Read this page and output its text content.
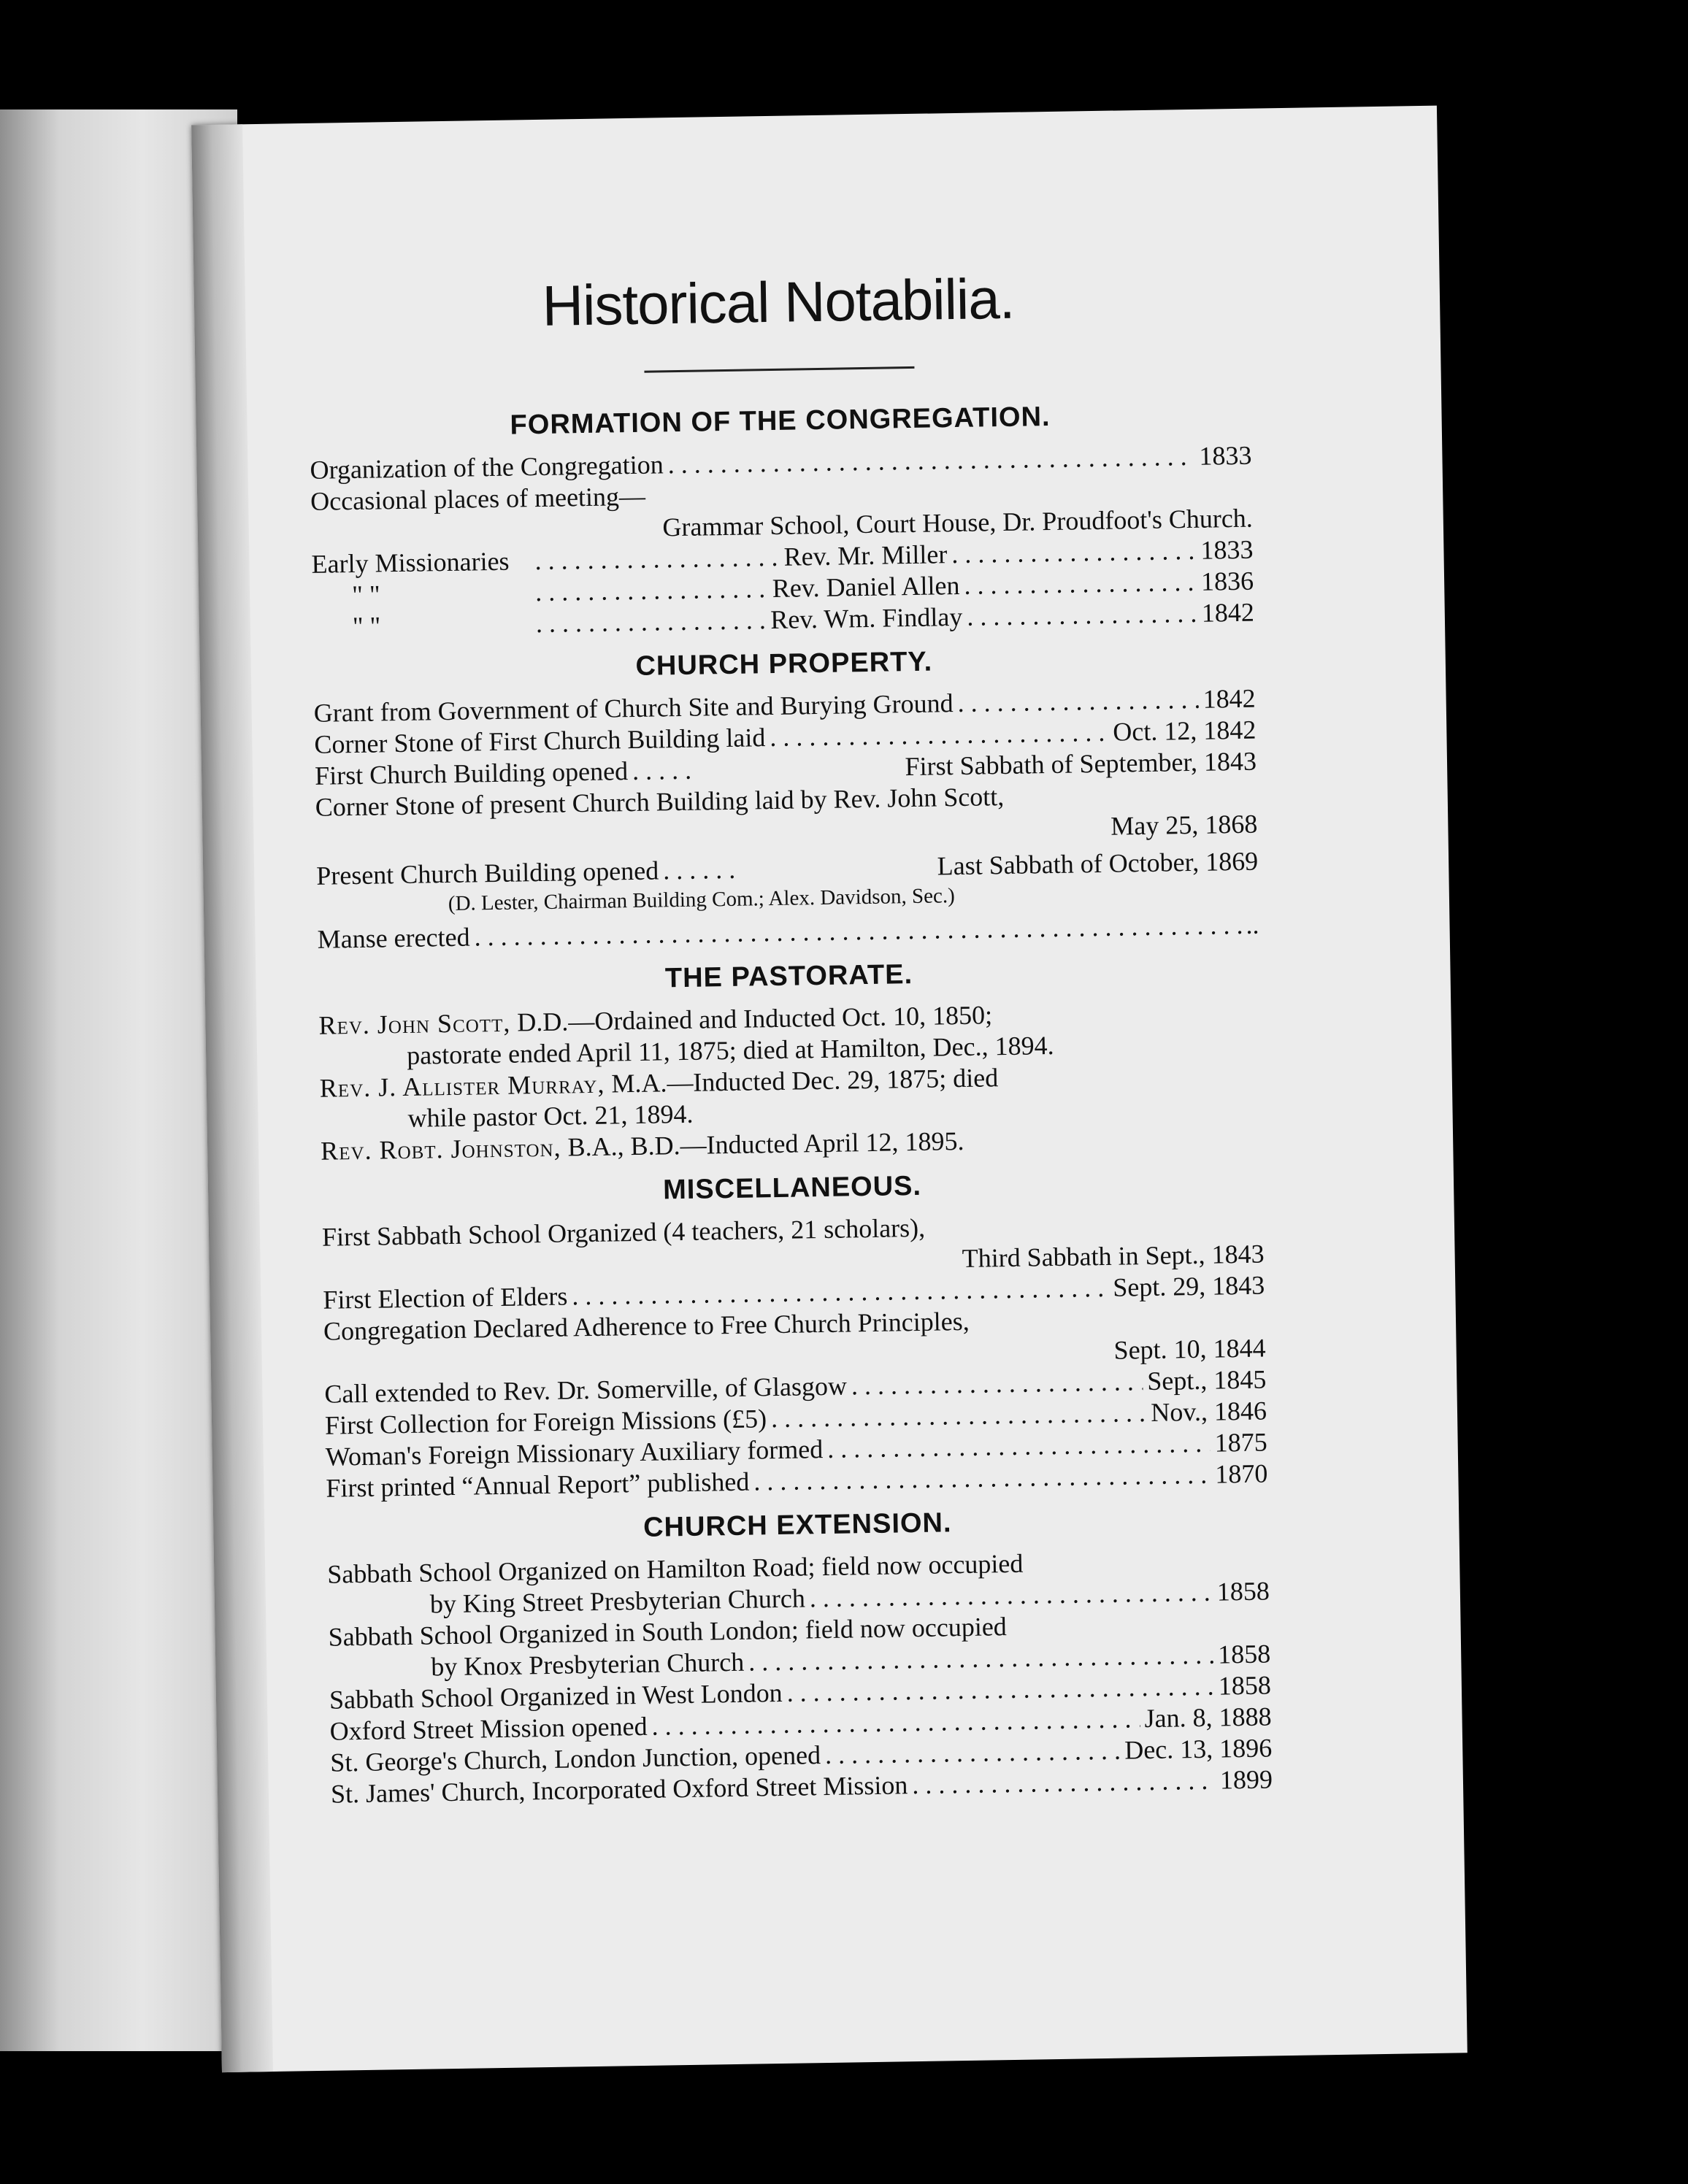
Historical Notabilia.
FORMATION OF THE CONGREGATION.
Organization of the Congregation . . .	1833
Occasional places of meeting—
Grammar School, Court House, Dr. Proudfoot's Church.
Early Missionaries . . .	Rev. Mr. Miller . . .	1833
" " . . .	Rev. Daniel Allen . . .	1836
" " . . .	Rev. Wm. Findlay . . .	1842
CHURCH PROPERTY.
Grant from Government of Church Site and Burying Ground . . .	1842
Corner Stone of First Church Building laid . . .	Oct. 12, 1842
First Church Building opened . . .	First Sabbath of September, 1843
Corner Stone of present Church Building laid by Rev. John Scott,
May 25, 1868
Present Church Building opened . . .	Last Sabbath of October, 1869
(D. Lester, Chairman Building Com.; Alex. Davidson, Sec.)
Manse erected . . .	..
THE PASTORATE.
Rev. John Scott, D.D.—Ordained and Inducted Oct. 10, 1850;
pastorate ended April 11, 1875; died at Hamilton, Dec., 1894.
Rev. J. Allister Murray, M.A.—Inducted Dec. 29, 1875; died
while pastor Oct. 21, 1894.
Rev. Robt. Johnston, B.A., B.D.—Inducted April 12, 1895.
MISCELLANEOUS.
First Sabbath School Organized (4 teachers, 21 scholars),
Third Sabbath in Sept., 1843
First Election of Elders . . .	Sept. 29, 1843
Congregation Declared Adherence to Free Church Principles,
Sept. 10, 1844
Call extended to Rev. Dr. Somerville, of Glasgow . . .	Sept., 1845
First Collection for Foreign Missions (£5) . . .	Nov., 1846
Woman's Foreign Missionary Auxiliary formed . . .	1875
First printed “Annual Report” published . . .	1870
CHURCH EXTENSION.
Sabbath School Organized on Hamilton Road; field now occupied
by King Street Presbyterian Church . . .	1858
Sabbath School Organized in South London; field now occupied
by Knox Presbyterian Church . . .	1858
Sabbath School Organized in West London . . .	1858
Oxford Street Mission opened . . .	Jan. 8, 1888
St. George's Church, London Junction, opened . . .	Dec. 13, 1896
St. James' Church, Incorporated Oxford Street Mission . . .	1899
